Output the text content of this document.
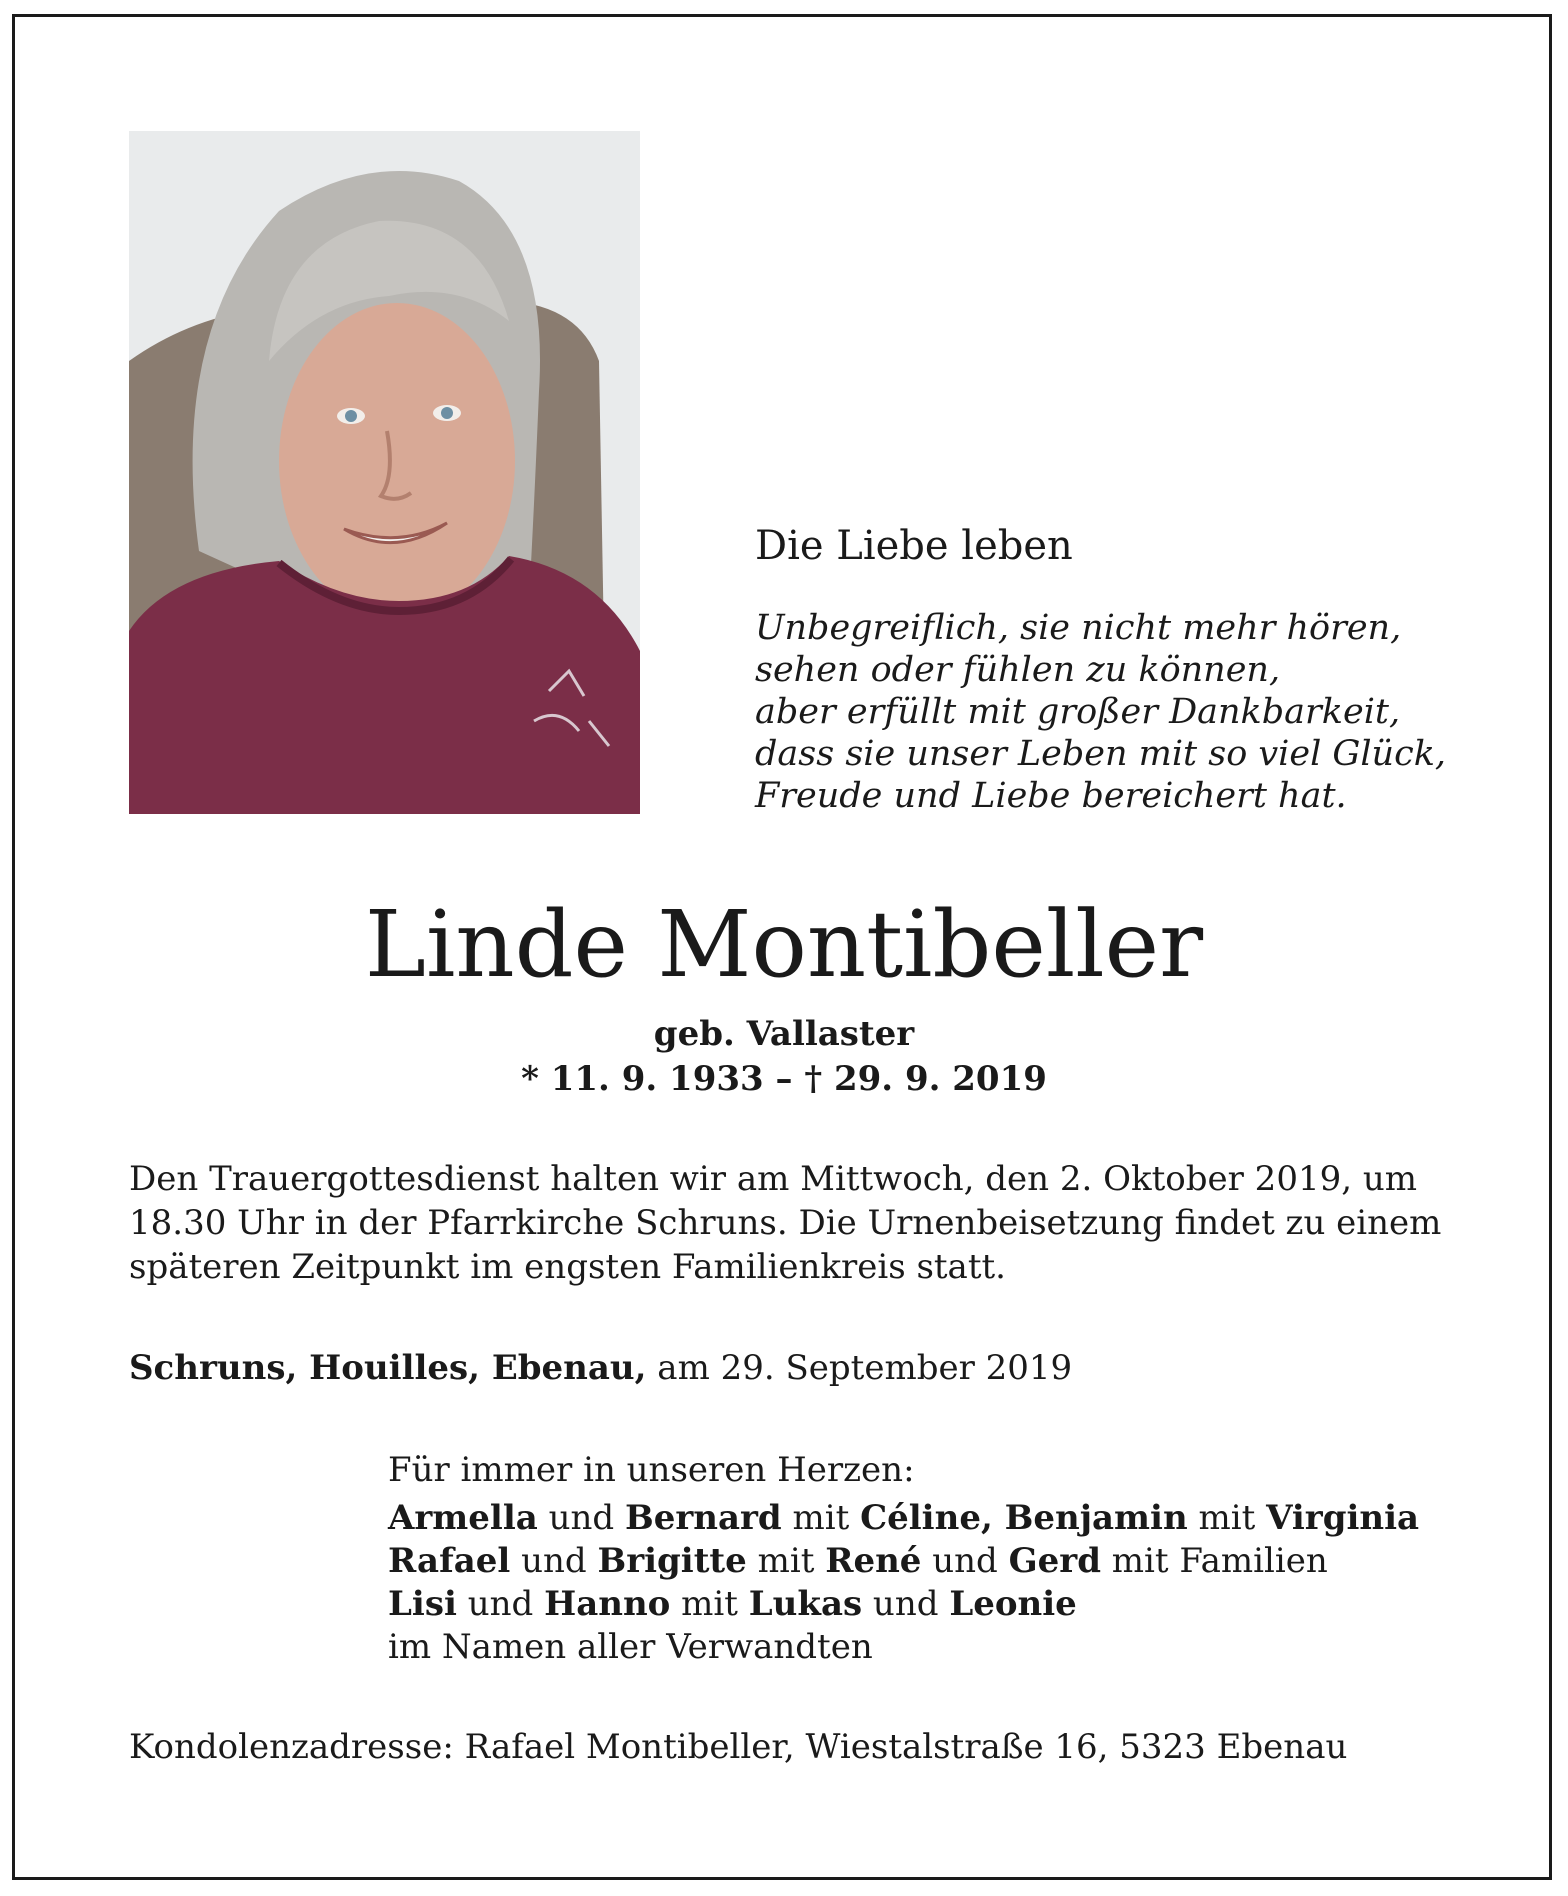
Die Liebe leben
Unbegreiflich, sie nicht mehr hören,
sehen oder fühlen zu können,
aber erfüllt mit großer Dankbarkeit,
dass sie unser Leben mit so viel Glück,
Freude und Liebe bereichert hat.
Linde Montibeller
geb. Vallaster
* 11. 9. 1933 – † 29. 9. 2019
Den Trauergottesdienst halten wir am Mittwoch, den 2. Oktober 2019, um
18.30 Uhr in der Pfarrkirche Schruns. Die Urnenbeisetzung findet zu einem
späteren Zeitpunkt im engsten Familienkreis statt.
Schruns, Houilles, Ebenau, am 29. September 2019
Für immer in unseren Herzen:
Armella und Bernard mit Céline, Benjamin mit Virginia
Rafael und Brigitte mit René und Gerd mit Familien
Lisi und Hanno mit Lukas und Leonie
im Namen aller Verwandten
Kondolenzadresse: Rafael Montibeller, Wiestalstraße 16, 5323 Ebenau
